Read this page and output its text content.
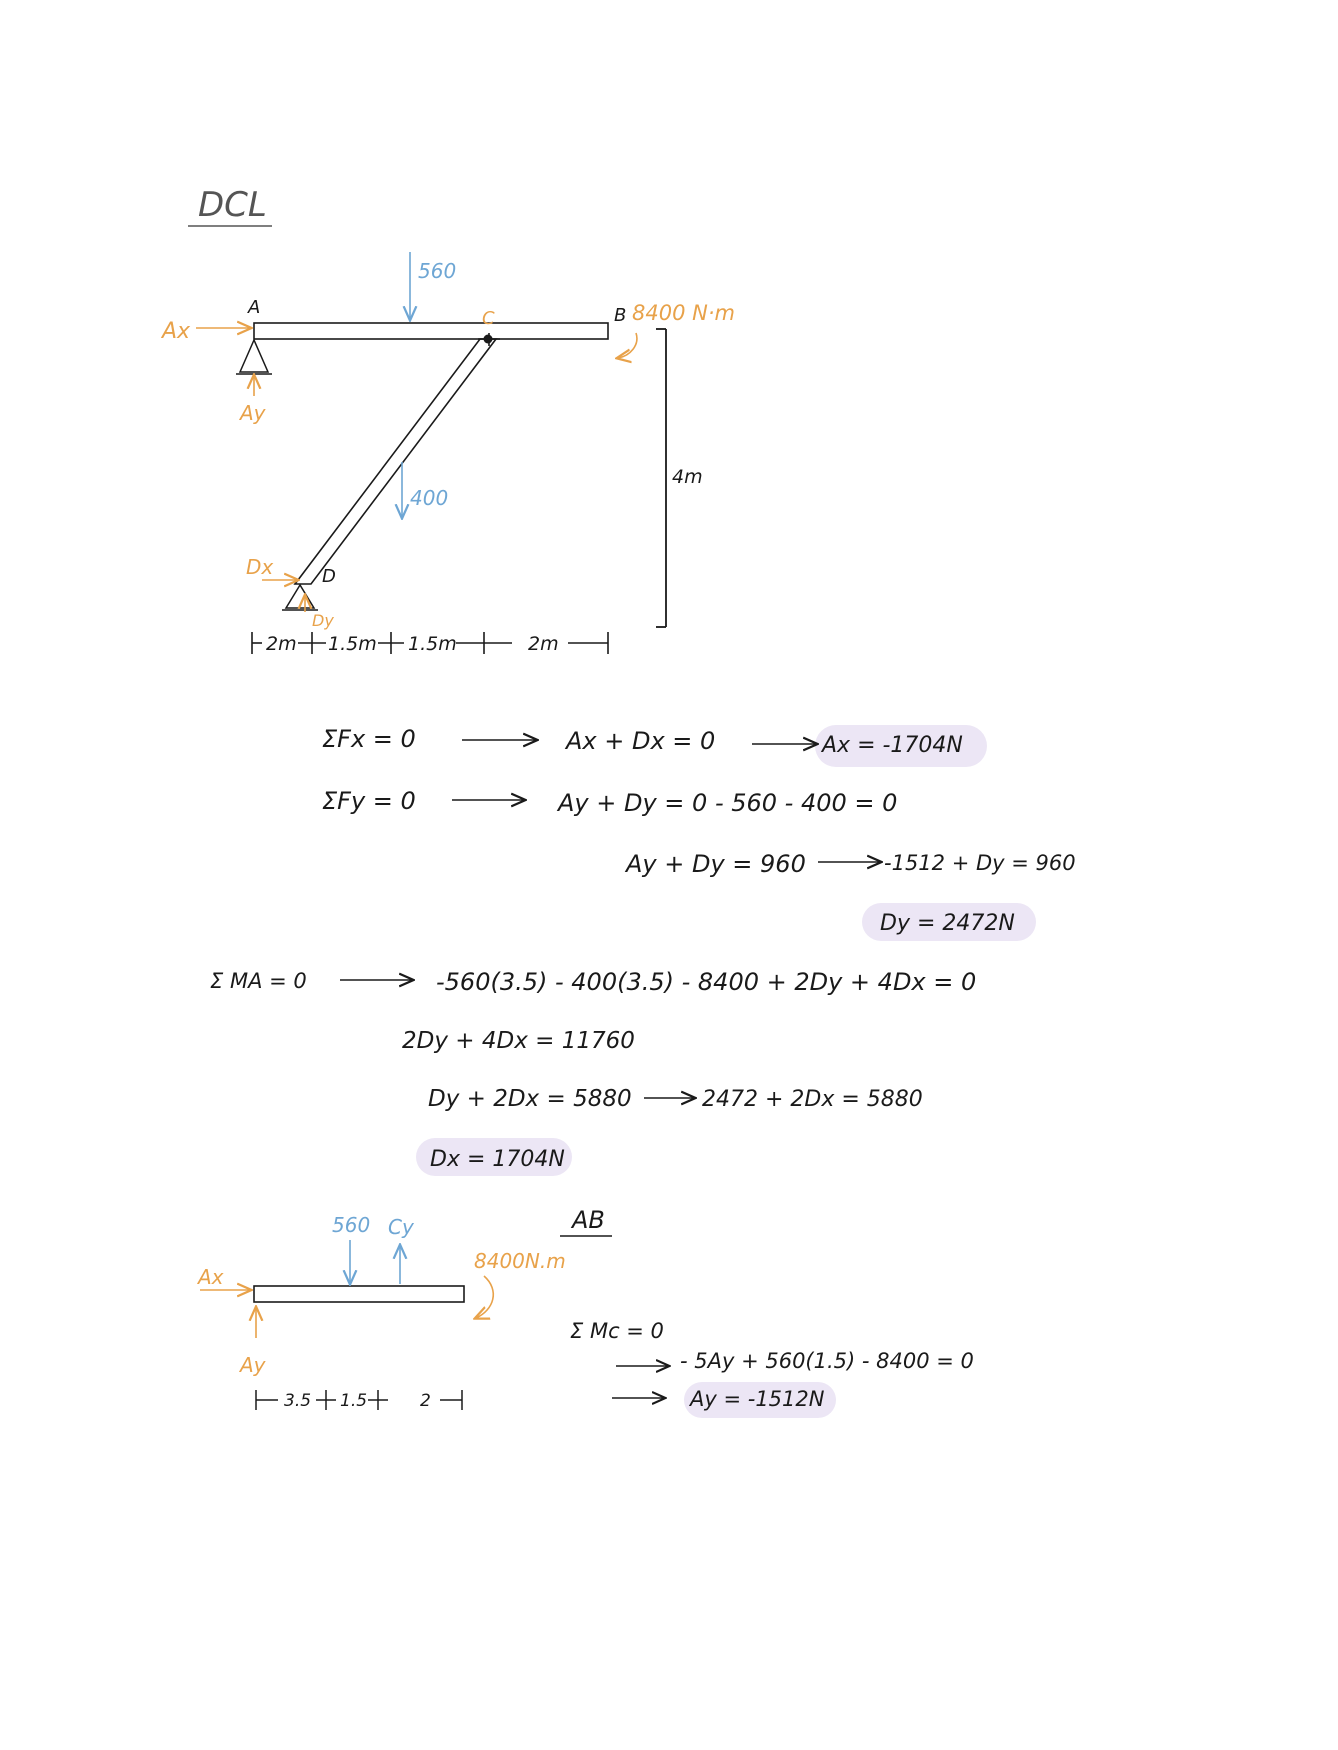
DCL
A	B
C
D
560
400
8400 N·m
Ax
Ay
Dx
Dy
4m
2m 1.5m 1.5m	2m
ΣFx = 0	Ax + Dx = 0	Ax = -1704N
ΣFy = 0	Ay + Dy = 0 - 560 - 400 = 0
Ay + Dy = 960	-1512 + Dy = 960
Dy = 2472N
Σ MA = 0	-560(3.5) - 400(3.5) - 8400 + 2Dy + 4Dx = 0
2Dy + 4Dx = 11760
Dy + 2Dx = 5880	2472 + 2Dx = 5880
Dx = 1704N
AB
560 Cy
8400N.m
Ax
Ay
3.5 1.5	2
Σ Mc = 0
- 5Ay + 560(1.5) - 8400 = 0
Ay = -1512N
